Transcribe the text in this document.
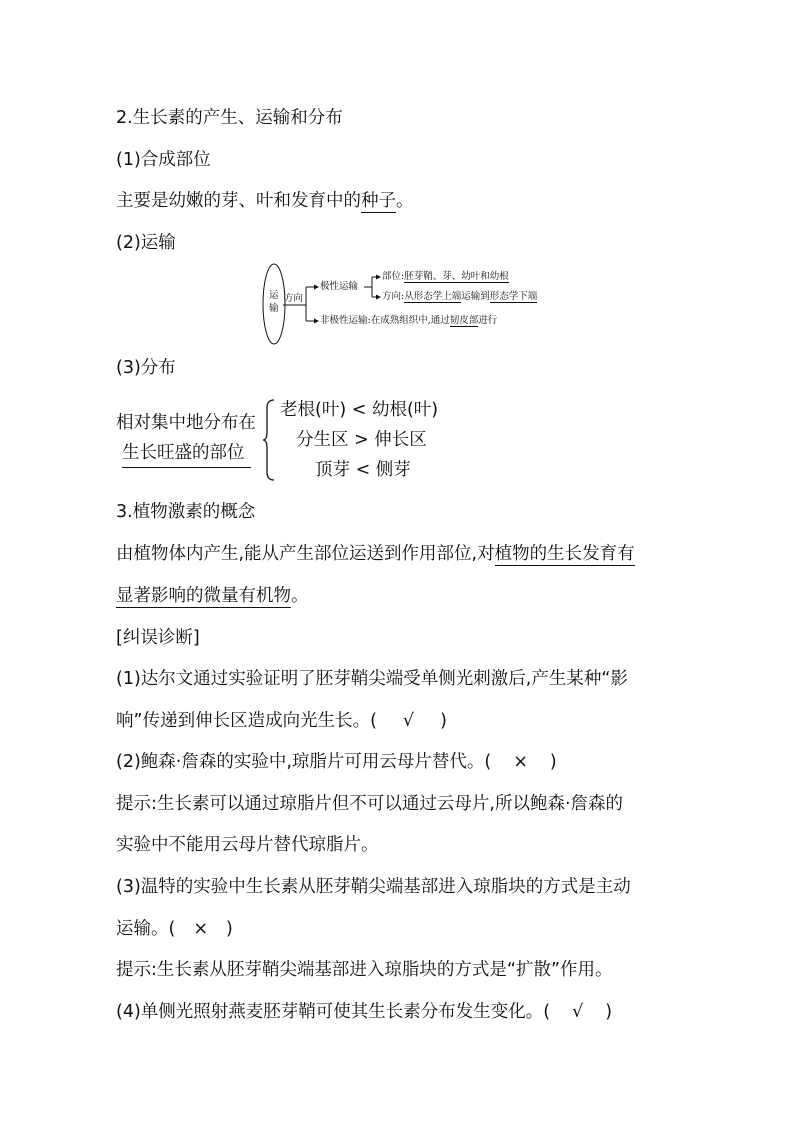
2.生长素的产生、运输和分布
(1)合成部位
主要是幼嫩的芽、叶和发育中的种子。
(2)运输
运
输
方向
极性运输
部位:胚芽鞘、芽、幼叶和幼根
方向:从形态学上端运输到形态学下端
非极性运输:在成熟组织中,通过韧皮部进行
(3)分布
相对集中地分布在
生长旺盛的部位
老根(叶) < 幼根(叶)
分生区 > 伸长区
顶芽 < 侧芽
3.植物激素的概念
由植物体内产生,能从产生部位运送到作用部位,对植物的生长发育有
显著影响的微量有机物。
[纠误诊断]
(1)达尔文通过实验证明了胚芽鞘尖端受单侧光刺激后,产生某种“影
响”传递到伸长区造成向光生长。( √ )
(2)鲍森·詹森的实验中,琼脂片可用云母片替代。( × )
提示:生长素可以通过琼脂片但不可以通过云母片,所以鲍森·詹森的
实验中不能用云母片替代琼脂片。
(3)温特的实验中生长素从胚芽鞘尖端基部进入琼脂块的方式是主动
运输。( × )
提示:生长素从胚芽鞘尖端基部进入琼脂块的方式是“扩散”作用。
(4)单侧光照射燕麦胚芽鞘可使其生长素分布发生变化。( √ )
